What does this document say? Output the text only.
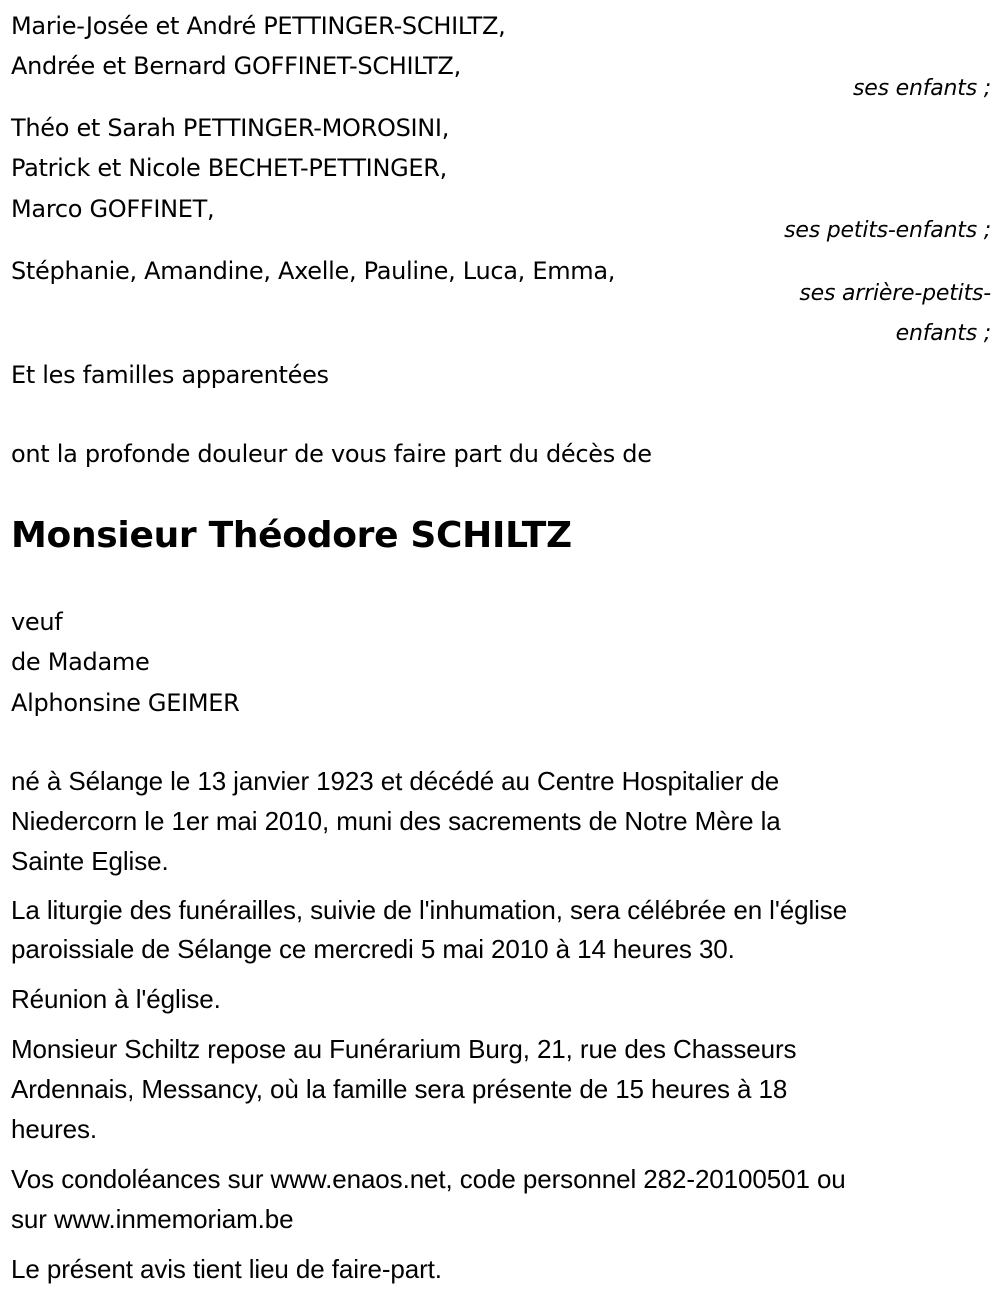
Marie-Josée et André PETTINGER-SCHILTZ,
Andrée et Bernard GOFFINET-SCHILTZ,
ses enfants ;
Théo et Sarah PETTINGER-MOROSINI,
Patrick et Nicole BECHET-PETTINGER,
Marco GOFFINET,
ses petits-enfants ;
Stéphanie, Amandine, Axelle, Pauline, Luca, Emma,
ses arrière-petits-
enfants ;
Et les familles apparentées
ont la profonde douleur de vous faire part du décès de
Monsieur Théodore SCHILTZ
veuf
de Madame
Alphonsine GEIMER
né à Sélange le 13 janvier 1923 et décédé au Centre Hospitalier de
Niedercorn le 1er mai 2010, muni des sacrements de Notre Mère la
Sainte Eglise.
La liturgie des funérailles, suivie de l'inhumation, sera célébrée en l'église
paroissiale de Sélange ce mercredi 5 mai 2010 à 14 heures 30.
Réunion à l'église.
Monsieur Schiltz repose au Funérarium Burg, 21, rue des Chasseurs
Ardennais, Messancy, où la famille sera présente de 15 heures à 18
heures.
Vos condoléances sur www.enaos.net, code personnel 282-20100501 ou
sur www.inmemoriam.be
Le présent avis tient lieu de faire-part.
